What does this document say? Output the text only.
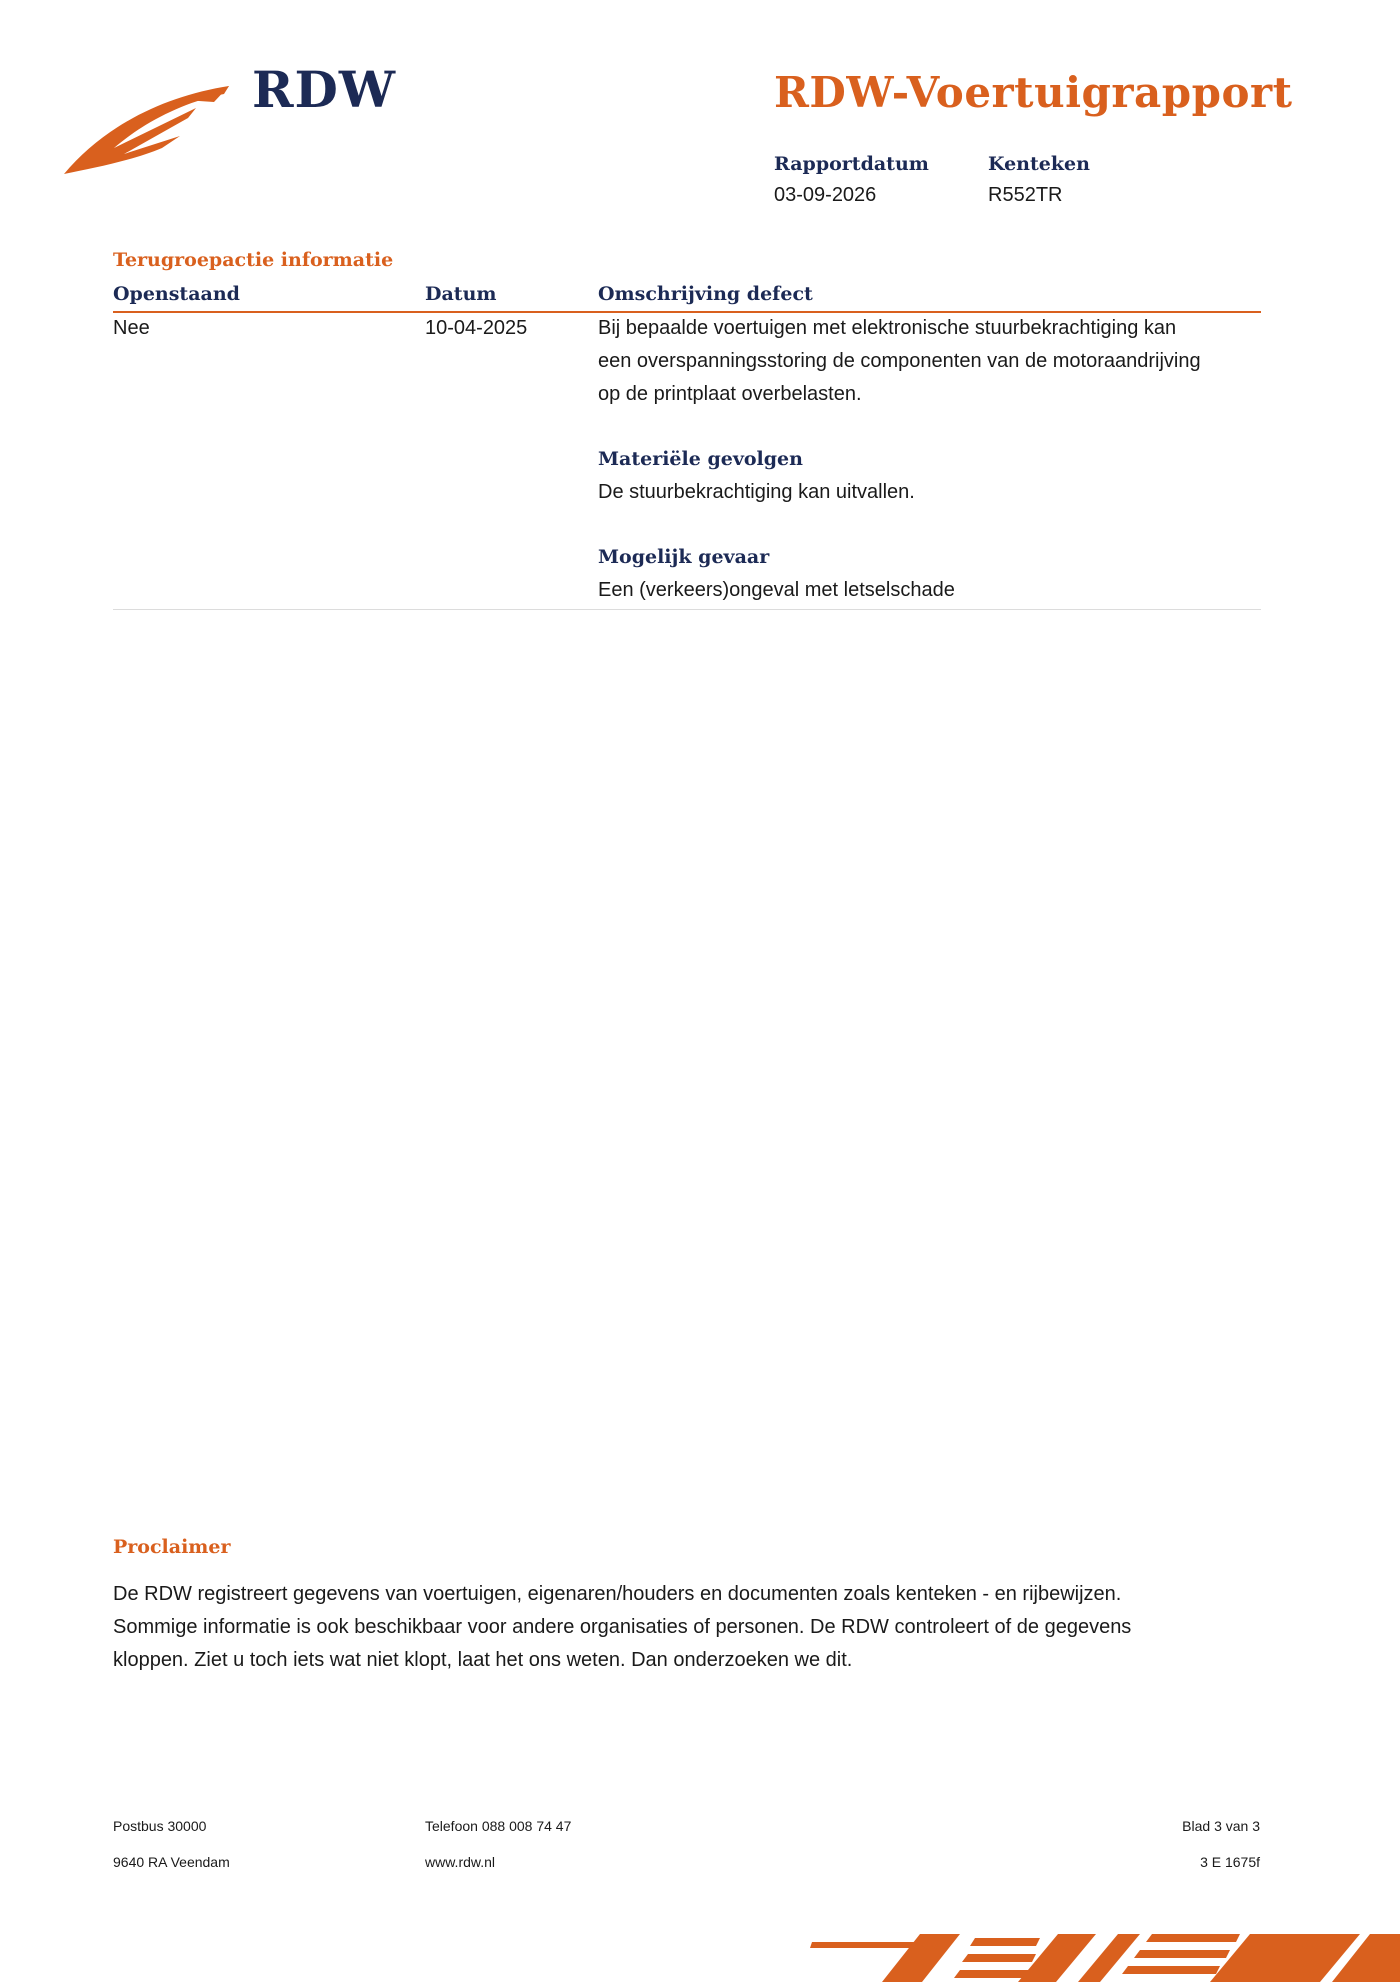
RDW	RDW-Voertuigrapport
Rapportdatum
03-09-2026
Kenteken
R552TR
Terugroepactie informatie
Openstaand	Datum	Omschrijving defect
Nee	10-04-2025	Bij bepaalde voertuigen met elektronische stuurbekrachtiging kan
een overspanningsstoring de componenten van de motoraandrijving
op de printplaat overbelasten.
Materiële gevolgen
De stuurbekrachtiging kan uitvallen.
Mogelijk gevaar
Een (verkeers)ongeval met letselschade
Proclaimer
De RDW registreert gegevens van voertuigen, eigenaren/houders en documenten zoals kenteken - en rijbewijzen.
Sommige informatie is ook beschikbaar voor andere organisaties of personen. De RDW controleert of de gegevens
kloppen. Ziet u toch iets wat niet klopt, laat het ons weten. Dan onderzoeken we dit.
Postbus 30000
9640 RA Veendam
Telefoon 088 008 74 47
www.rdw.nl
Blad 3 van 3
3 E 1675f
